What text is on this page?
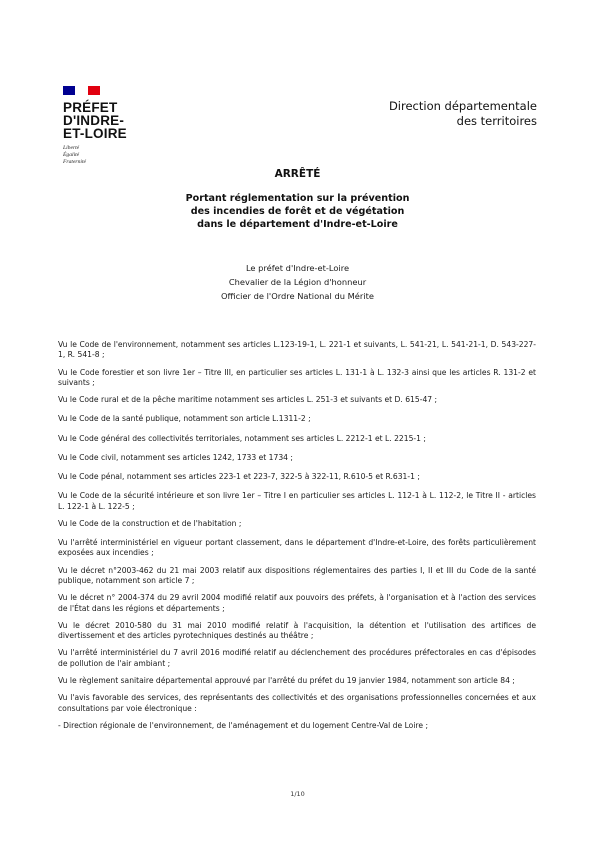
PRÉFET
D'INDRE-
ET-LOIRE
Liberté
Égalité
Fraternité
Direction départementale
des territoires
ARRÊTÉ
Portant réglementation sur la prévention
des incendies de forêt et de végétation
dans le département d'Indre-et-Loire
Le préfet d'Indre-et-Loire
Chevalier de la Légion d'honneur
Officier de l'Ordre National du Mérite

Vu le Code de l'environnement, notamment ses articles L.123-19-1, L. 221-1 et suivants, L. 541-21, L. 541-21-1, D. 543-227-1, R. 541-8 ;

Vu le Code forestier et son livre 1er – Titre III, en particulier ses articles L. 131-1 à L. 132-3 ainsi que les articles R. 131-2 et suivants ;

Vu le Code rural et de la pêche maritime notamment ses articles L. 251-3 et suivants et D. 615-47 ;

Vu le Code de la santé publique, notamment son article L.1311-2 ;

Vu le Code général des collectivités territoriales, notamment ses articles L. 2212-1 et L. 2215-1 ;

Vu le Code civil, notamment ses articles 1242, 1733 et 1734 ;

Vu le Code pénal, notamment ses articles 223-1 et 223-7, 322-5 à 322-11, R.610-5 et R.631-1 ;

Vu le Code de la sécurité intérieure et son livre 1er – Titre I en particulier ses articles L. 112-1 à L. 112-2, le Titre II - articles L. 122-1 à L. 122-5 ;

Vu le Code de la construction et de l'habitation ;

Vu l'arrêté interministériel en vigueur portant classement, dans le département d'Indre-et-Loire, des forêts particulièrement exposées aux incendies ;

Vu le décret n°2003-462 du 21 mai 2003 relatif aux dispositions réglementaires des parties I, II et III du Code de la santé publique, notamment son article 7 ;

Vu le décret n° 2004-374 du 29 avril 2004 modifié relatif aux pouvoirs des préfets, à l'organisation et à l'action des services de l'État dans les régions et départements ;

Vu le décret 2010-580 du 31 mai 2010 modifié relatif à l'acquisition, la détention et l'utilisation des artifices de divertissement et des articles pyrotechniques destinés au théâtre ;

Vu l'arrêté interministériel du 7 avril 2016 modifié relatif au déclenchement des procédures préfectorales en cas d'épisodes de pollution de l'air ambiant ;

Vu le règlement sanitaire départemental approuvé par l'arrêté du préfet du 19 janvier 1984, notamment son article 84 ;

Vu l'avis favorable des services, des représentants des collectivités et des organisations professionnelles concernées et aux consultations par voie électronique :

- Direction régionale de l'environnement, de l'aménagement et du logement Centre-Val de Loire ;

1/10
